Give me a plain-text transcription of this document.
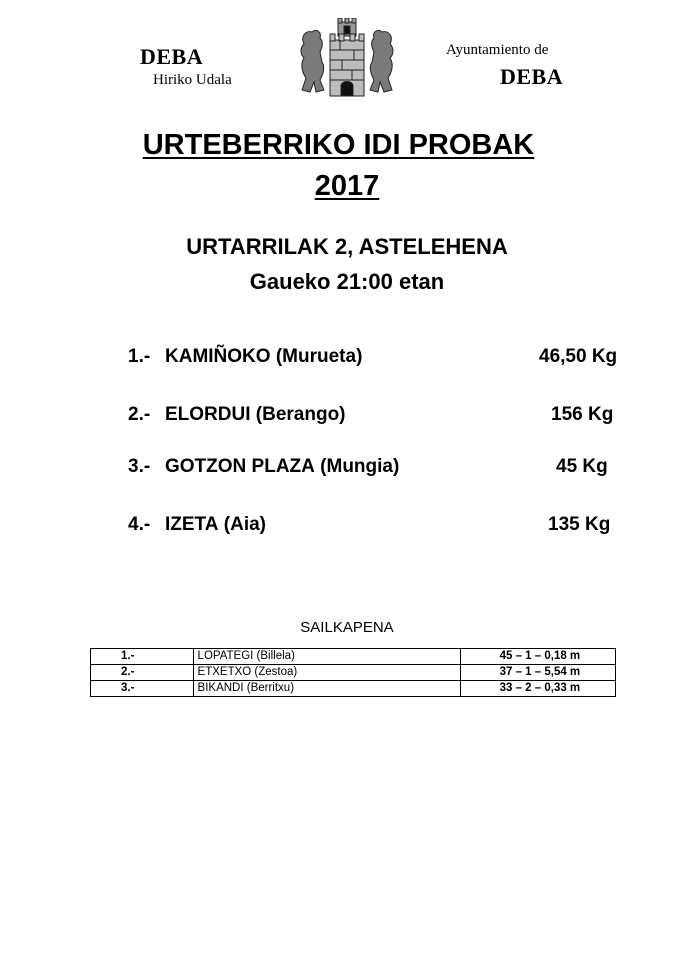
DEBA
Hiriko Udala
Ayuntamiento de
DEBA
URTEBERRIKO IDI PROBAK
2017
URTARRILAK 2, ASTELEHENA
Gaueko 21:00 etan
1.- KAMIÑOKO (Murueta)	46,50 Kg
2.- ELORDUI (Berango)	156 Kg
3.- GOTZON PLAZA (Mungia)	45 Kg
4.- IZETA (Aia)	135 Kg
SAILKAPENA
1.-	LOPATEGI (Billela)	45 – 1 – 0,18 m
2.-	ETXETXO (Zestoa)	37 – 1 – 5,54 m
3.-	BIKANDI (Berritxu)	33 – 2 – 0,33 m
